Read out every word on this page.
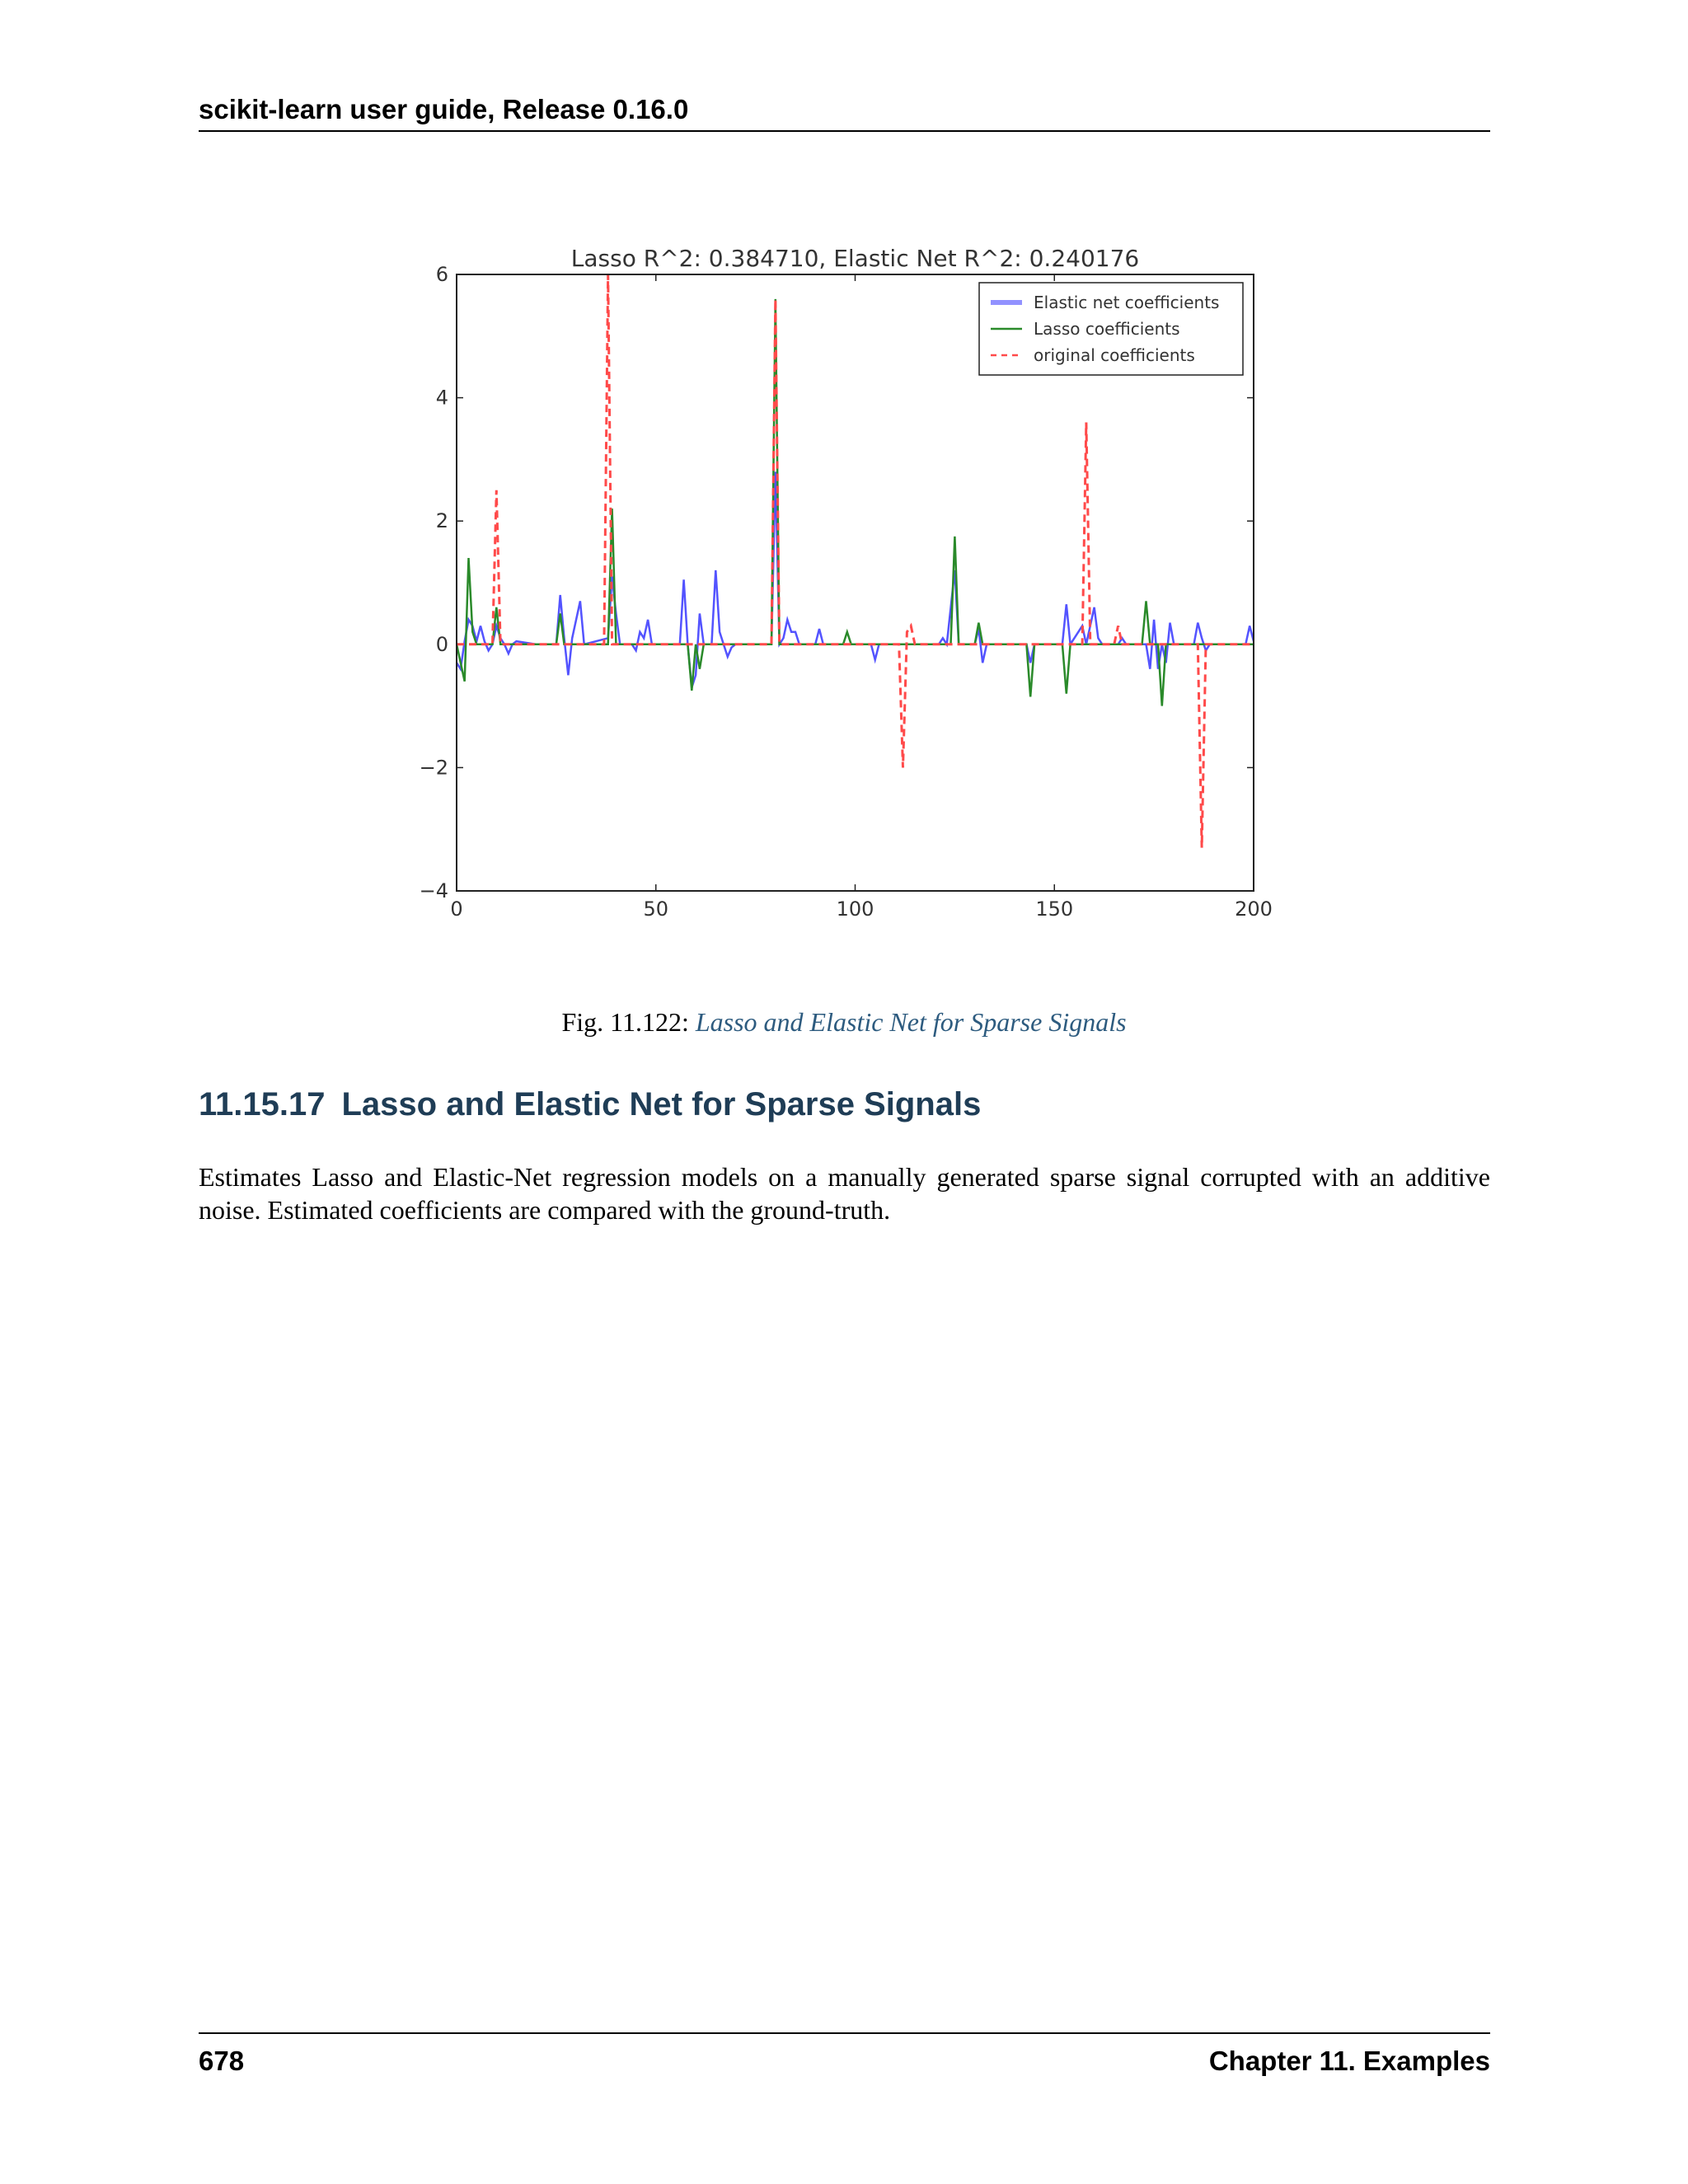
scikit-learn user guide, Release 0.16.0
Lasso R^2: 0.384710, Elastic Net R^2: 0.240176
0	50	100	150	200
−4
−2
0
2
4
6
Elastic net coefficients
Lasso coefficients
original coefficients
Fig. 11.122: Lasso and Elastic Net for Sparse Signals
11.15.17 Lasso and Elastic Net for Sparse Signals
Estimates Lasso and Elastic-Net regression models on a manually generated sparse signal corrupted with an additive noise. Estimated coefficients are compared with the ground-truth.
678	Chapter 11. Examples
